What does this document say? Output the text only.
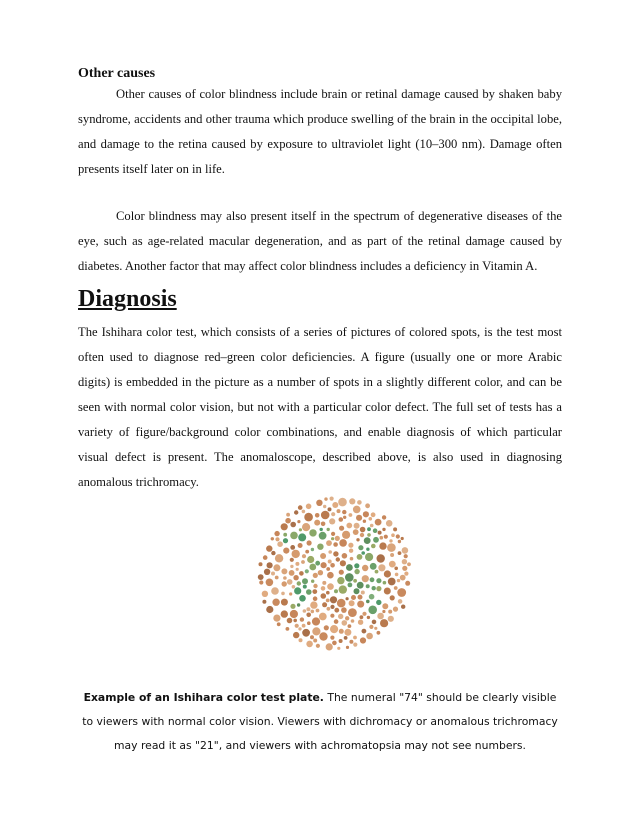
Other causes

Other causes of color blindness include brain or retinal damage caused by shaken baby syndrome, accidents and other trauma which produce swelling of the brain in the occipital lobe, and damage to the retina caused by exposure to ultraviolet light (10–300 nm). Damage often presents itself later on in life.

Color blindness may also present itself in the spectrum of degenerative diseases of the eye, such as age-related macular degeneration, and as part of the retinal damage caused by diabetes. Another factor that may affect color blindness includes a deficiency in Vitamin A.

Diagnosis

The Ishihara color test, which consists of a series of pictures of colored spots, is the test most often used to diagnose red–green color deficiencies. A figure (usually one or more Arabic digits) is embedded in the picture as a number of spots in a slightly different color, and can be seen with normal color vision, but not with a particular color defect. The full set of tests has a variety of figure/background color combinations, and enable diagnosis of which particular visual defect is present. The anomaloscope, described above, is also used in diagnosing anomalous trichromacy.

Example of an Ishihara color test plate. The numeral "74" should be clearly visible to viewers with normal color vision. Viewers with dichromacy or anomalous trichromacy may read it as "21", and viewers with achromatopsia may not see numbers.
